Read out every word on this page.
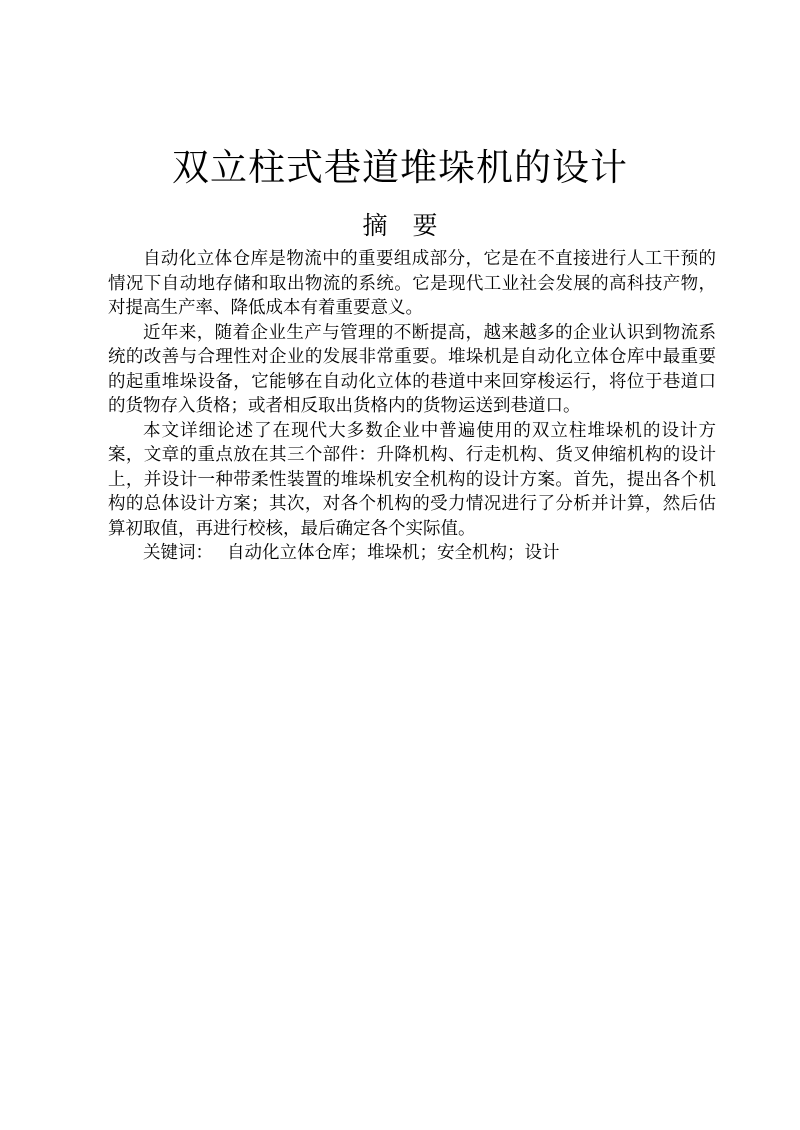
双立柱式巷道堆垛机的设计
摘　要

自动化立体仓库是物流中的重要组成部分，它是在不直接进行人工干预的情况下自动地存储和取出物流的系统。它是现代工业社会发展的高科技产物，对提高生产率、降低成本有着重要意义。

近年来，随着企业生产与管理的不断提高，越来越多的企业认识到物流系统的改善与合理性对企业的发展非常重要。堆垛机是自动化立体仓库中最重要的起重堆垛设备，它能够在自动化立体的巷道中来回穿梭运行，将位于巷道口的货物存入货格；或者相反取出货格内的货物运送到巷道口。

本文详细论述了在现代大多数企业中普遍使用的双立柱堆垛机的设计方案，文章的重点放在其三个部件：升降机构、行走机构、货叉伸缩机构的设计上，并设计一种带柔性装置的堆垛机安全机构的设计方案。首先，提出各个机构的总体设计方案；其次，对各个机构的受力情况进行了分析并计算，然后估算初取值，再进行校核，最后确定各个实际值。

关键词： 自动化立体仓库；堆垛机；安全机构；设计
